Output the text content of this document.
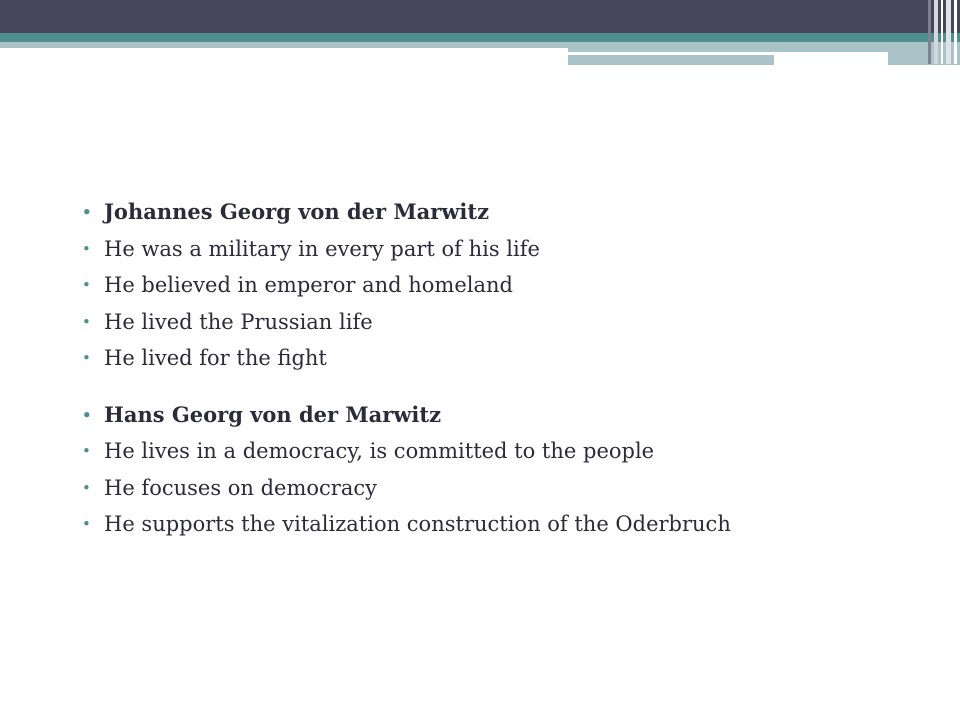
• Johannes Georg von der Marwitz
• He was a military in every part of his life
• He believed in emperor and homeland
• He lived the Prussian life
• He lived for the fight
• Hans Georg von der Marwitz
• He lives in a democracy, is committed to the people
• He focuses on democracy
• He supports the vitalization construction of the Oderbruch
